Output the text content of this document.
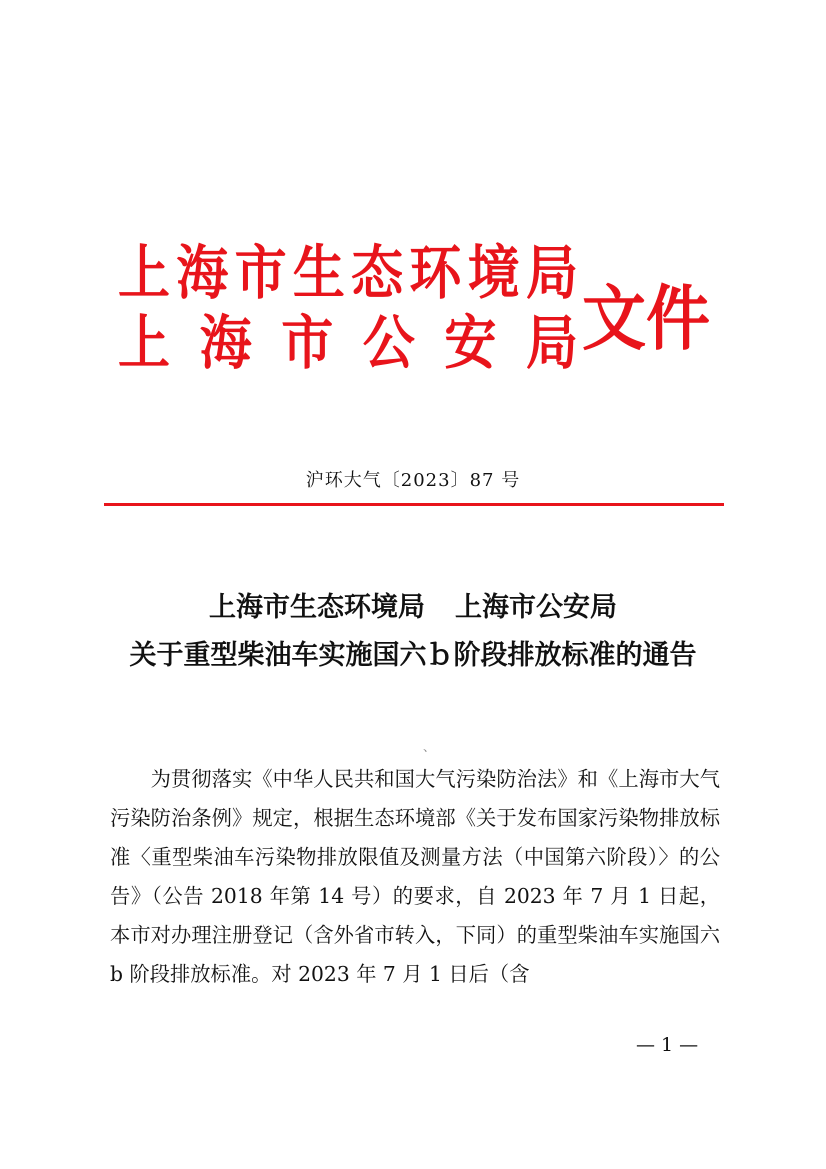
上 海 市 生 态 环 境 局
上 海 市 公 安 局 文件
沪环大气〔2023〕87 号
上海市生态环境局 上海市公安局
关于重型柴油车实施国六ｂ阶段排放标准的通告
、
为贯彻落实《中华人民共和国大气污染防治法》和《上海市大气污染防治条例》规定，根据生态环境部《关于发布国家污染物排放标准〈重型柴油车污染物排放限值及测量方法（中国第六阶段）〉的公告》（公告 2018 年第 14 号）的要求，自 2023 年 7 月 1 日起，本市对办理注册登记（含外省市转入，下同）的重型柴油车实施国六 b 阶段排放标准。对 2023 年 7 月 1 日后（含
— 1 —
